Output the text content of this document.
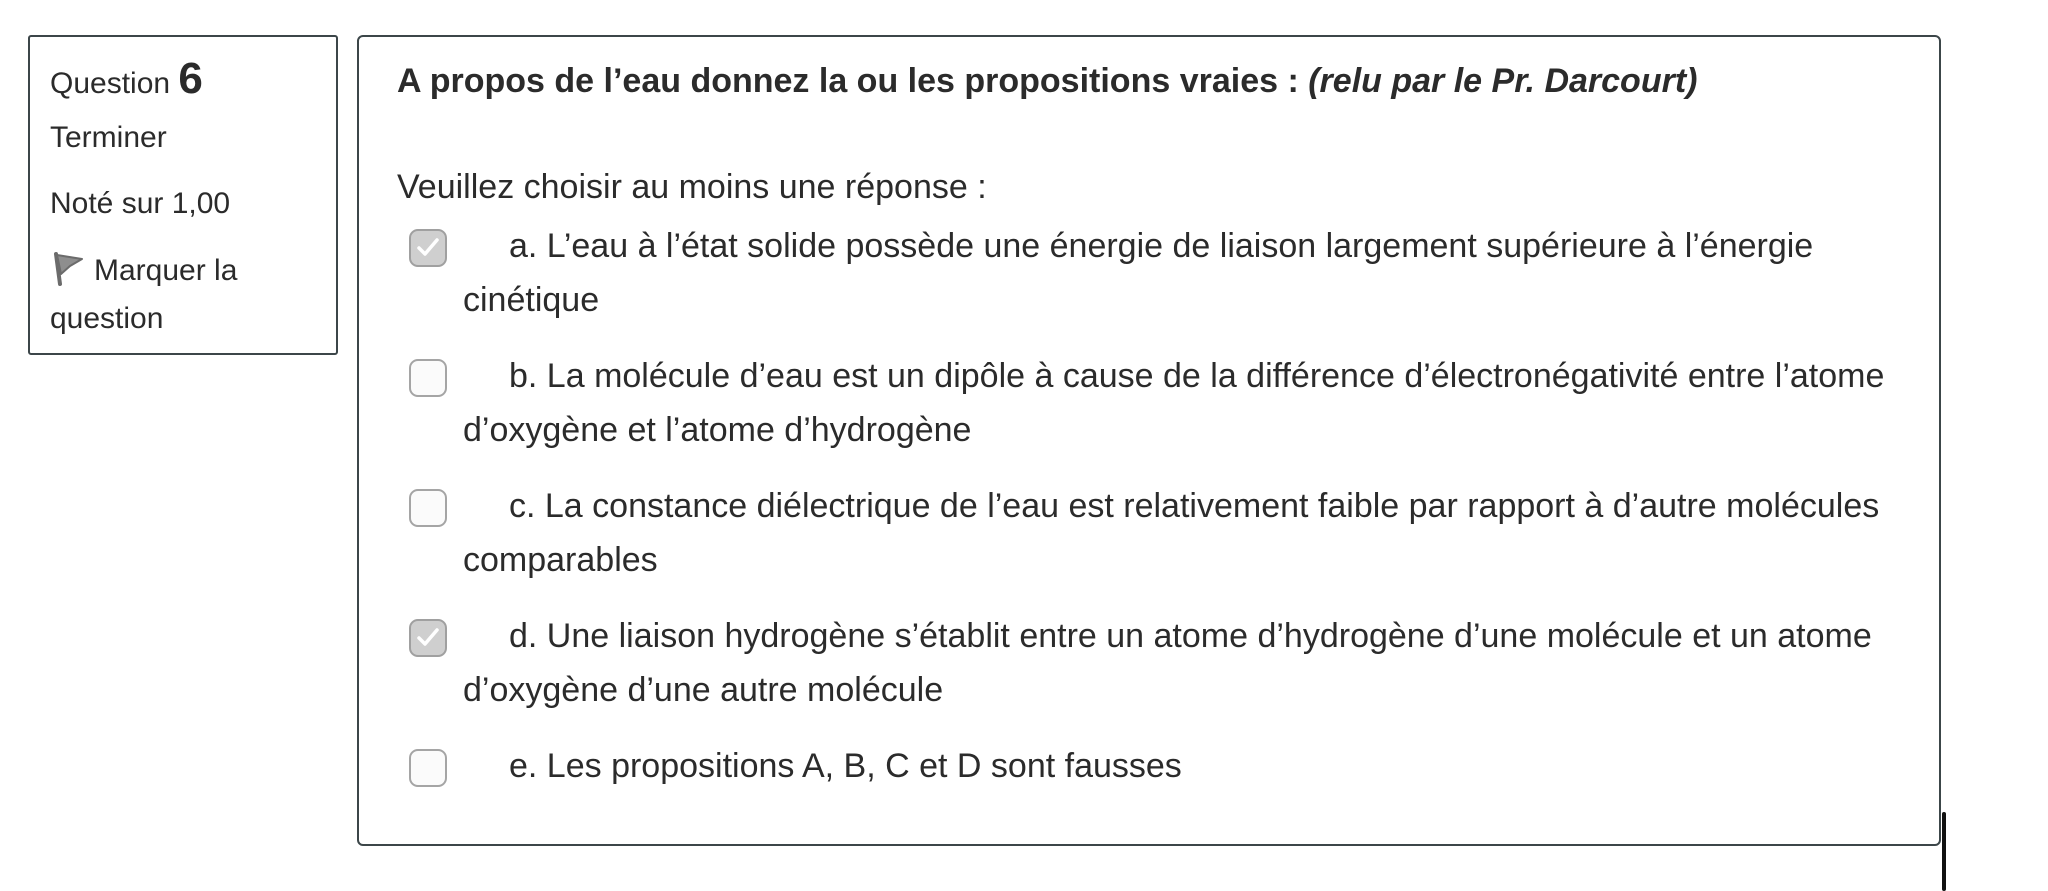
Question 6
Terminer
Noté sur 1,00
Marquer la question

A propos de l’eau donnez la ou les propositions vraies : (relu par le Pr. Darcourt)

Veuillez choisir au moins une réponse :

a. L’eau à l’état solide possède une énergie de liaison largement supérieure à l’énergie cinétique
b. La molécule d’eau est un dipôle à cause de la différence d’électronégativité entre l’atome d’oxygène et l’atome d’hydrogène
c. La constance diélectrique de l’eau est relativement faible par rapport à d’autre molécules comparables
d. Une liaison hydrogène s’établit entre un atome d’hydrogène d’une molécule et un atome d’oxygène d’une autre molécule
e. Les propositions A, B, C et D sont fausses
